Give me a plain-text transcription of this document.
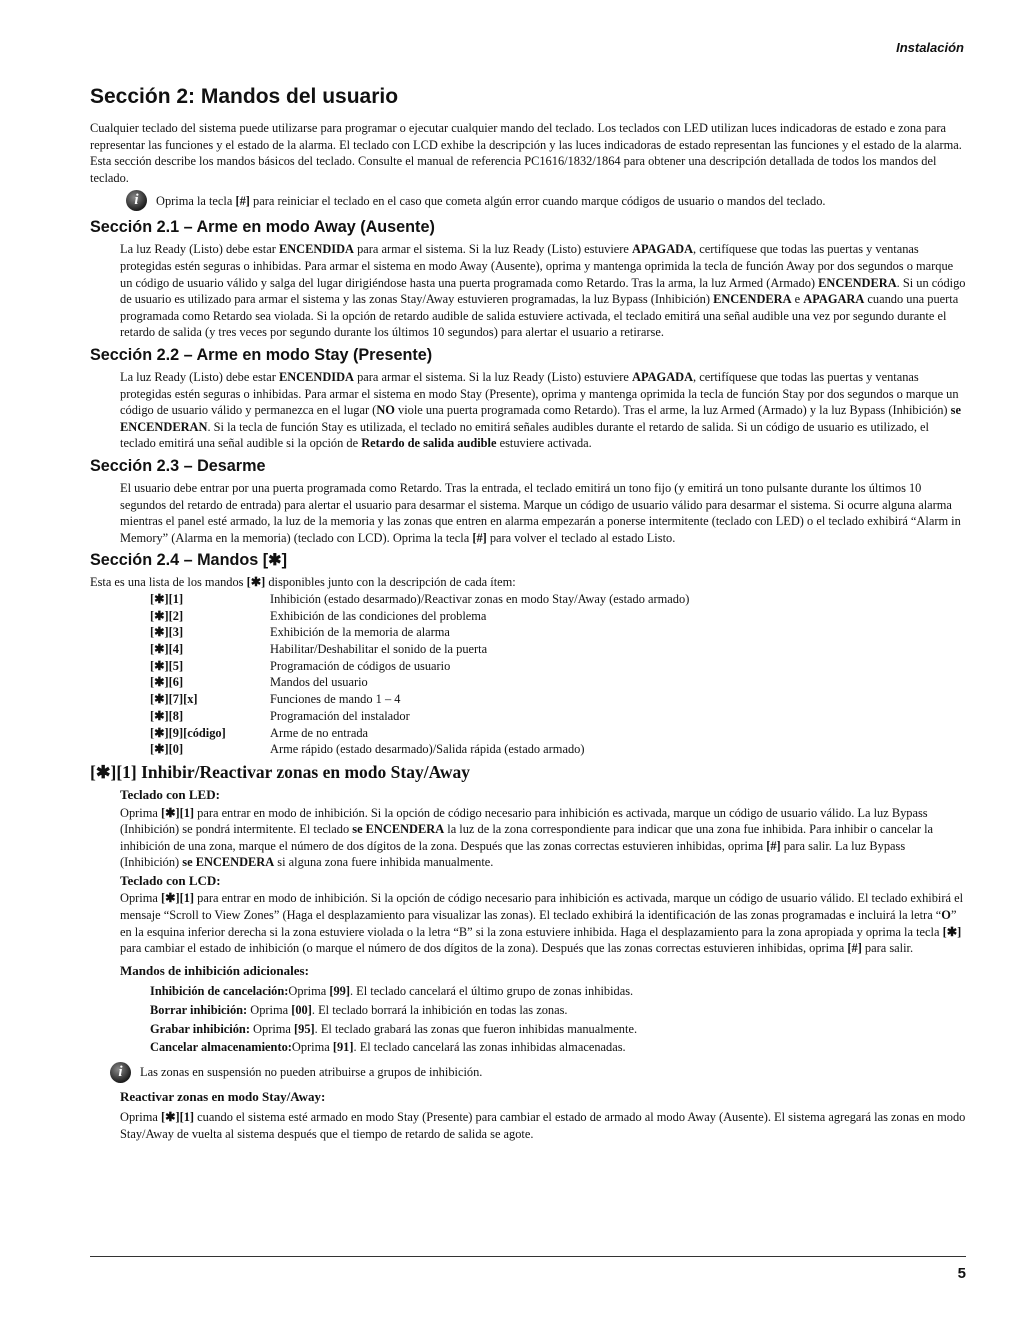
Instalación
Sección 2: Mandos del usuario

Cualquier teclado del sistema puede utilizarse para programar o ejecutar cualquier mando del teclado. Los teclados con LED utilizan luces indicadoras de estado e zona para representar las funciones y el estado de la alarma. El teclado con LCD exhibe la descripción y las luces indicadoras de estado representan las funciones y el estado de la alarma. Esta sección describe los mandos básicos del teclado. Consulte el manual de referencia PC1616/1832/1864 para obtener una descripción detallada de todos los mandos del teclado.

i	Oprima la tecla [#] para reiniciar el teclado en el caso que cometa algún error cuando marque códigos de usuario o mandos del teclado.
Sección 2.1 – Arme en modo Away (Ausente)

La luz Ready (Listo) debe estar ENCENDIDA para armar el sistema. Si la luz Ready (Listo) estuviere APAGADA, certifíquese que todas las puertas y ventanas protegidas estén seguras o inhibidas. Para armar el sistema en modo Away (Ausente), oprima y mantenga oprimida la tecla de función Away por dos segundos o marque un código de usuario válido y salga del lugar dirigiéndose hasta una puerta programada como Retardo. Tras la arma, la luz Armed (Armado) ENCENDERA. Si un código de usuario es utilizado para armar el sistema y las zonas Stay/Away estuvieren programadas, la luz Bypass (Inhibición) ENCENDERA e APAGARA cuando una puerta programada como Retardo sea violada. Si la opción de retardo audible de salida estuviere activada, el teclado emitirá una señal audible una vez por segundo durante el retardo de salida (y tres veces por segundo durante los últimos 10 segundos) para alertar el usuario a retirarse.

Sección 2.2 – Arme en modo Stay (Presente)

La luz Ready (Listo) debe estar ENCENDIDA para armar el sistema. Si la luz Ready (Listo) estuviere APAGADA, certifíquese que todas las puertas y ventanas protegidas estén seguras o inhibidas. Para armar el sistema en modo Stay (Presente), oprima y mantenga oprimida la tecla de función Stay por dos segundos o marque un código de usuario válido y permanezca en el lugar (NO viole una puerta programada como Retardo). Tras el arme, la luz Armed (Armado) y la luz Bypass (Inhibición) se ENCENDERAN. Si la tecla de función Stay es utilizada, el teclado no emitirá señales audibles durante el retardo de salida. Si un código de usuario es utilizado, el teclado emitirá una señal audible si la opción de Retardo de salida audible estuviere activada.

Sección 2.3 – Desarme

El usuario debe entrar por una puerta programada como Retardo. Tras la entrada, el teclado emitirá un tono fijo (y emitirá un tono pulsante durante los últimos 10 segundos del retardo de entrada) para alertar el usuario para desarmar el sistema. Marque un código de usuario válido para desarmar el sistema. Si ocurre alguna alarma mientras el panel esté armado, la luz de la memoria y las zonas que entren en alarma empezarán a ponerse intermitente (teclado con LED) o el teclado exhibirá “Alarm in Memory” (Alarma en la memoria) (teclado con LCD). Oprima la tecla [#] para volver el teclado al estado Listo.

Sección 2.4 – Mandos [✱]

Esta es una lista de los mandos [✱] disponibles junto con la descripción de cada ítem:

[✱][1]	Inhibición (estado desarmado)/Reactivar zonas en modo Stay/Away (estado armado)
[✱][2]	Exhibición de las condiciones del problema
[✱][3]	Exhibición de la memoria de alarma
[✱][4]	Habilitar/Deshabilitar el sonido de la puerta
[✱][5]	Programación de códigos de usuario
[✱][6]	Mandos del usuario
[✱][7][x]	Funciones de mando 1 – 4
[✱][8]	Programación del instalador
[✱][9][código]	Arme de no entrada
[✱][0]	Arme rápido (estado desarmado)/Salida rápida (estado armado)
[✱][1] Inhibir/Reactivar zonas en modo Stay/Away
Teclado con LED:

Oprima [✱][1] para entrar en modo de inhibición. Si la opción de código necesario para inhibición es activada, marque un código de usuario válido. La luz Bypass (Inhibición) se pondrá intermitente. El teclado se ENCENDERA la luz de la zona correspondiente para indicar que una zona fue inhibida. Para inhibir o cancelar la inhibición de una zona, marque el número de dos dígitos de la zona. Después que las zonas correctas estuvieren inhibidas, oprima [#] para salir. La luz Bypass (Inhibición) se ENCENDERA si alguna zona fuere inhibida manualmente.

Teclado con LCD:

Oprima [✱][1] para entrar en modo de inhibición. Si la opción de código necesario para inhibición es activada, marque un código de usuario válido. El teclado exhibirá el mensaje “Scroll to View Zones” (Haga el desplazamiento para visualizar las zonas). El teclado exhibirá la identificación de las zonas programadas e incluirá la letra “O” en la esquina inferior derecha si la zona estuviere violada o la letra “B” si la zona estuviere inhibida. Haga el desplazamiento para la zona apropiada y oprima la tecla [✱] para cambiar el estado de inhibición (o marque el número de dos dígitos de la zona). Después que las zonas correctas estuvieren inhibidas, oprima [#] para salir.

Mandos de inhibición adicionales:

Inhibición de cancelación:Oprima [99]. El teclado cancelará el último grupo de zonas inhibidas.

Borrar inhibición: Oprima [00]. El teclado borrará la inhibición en todas las zonas.

Grabar inhibición: Oprima [95]. El teclado grabará las zonas que fueron inhibidas manualmente.

Cancelar almacenamiento:Oprima [91]. El teclado cancelará las zonas inhibidas almacenadas.

i	Las zonas en suspensión no pueden atribuirse a grupos de inhibición.
Reactivar zonas en modo Stay/Away:

Oprima [✱][1] cuando el sistema esté armado en modo Stay (Presente) para cambiar el estado de armado al modo Away (Ausente). El sistema agregará las zonas en modo Stay/Away de vuelta al sistema después que el tiempo de retardo de salida se agote.

5
